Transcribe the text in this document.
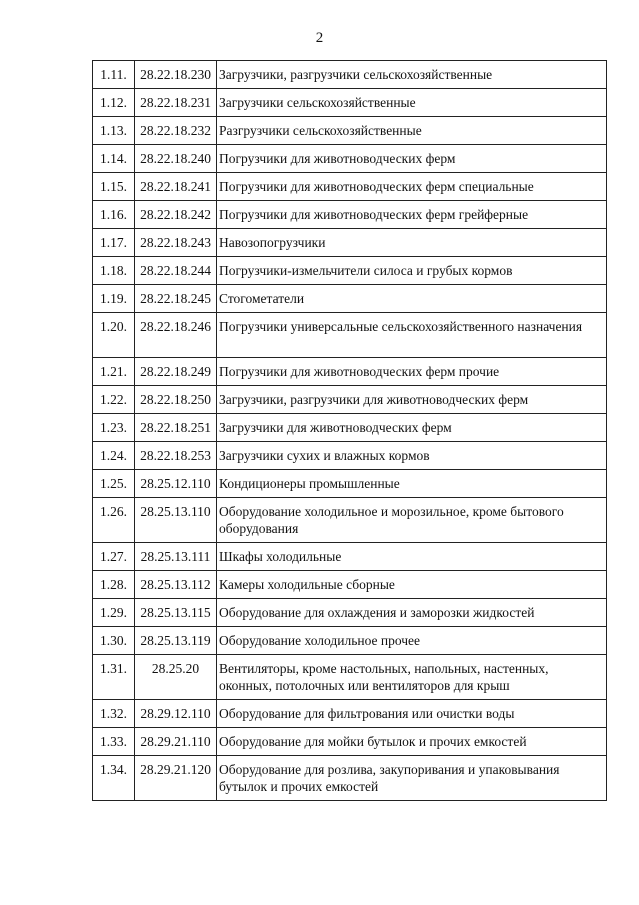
2
1.11.	28.22.18.230	Загрузчики, разгрузчики сельскохозяйственные
1.12.	28.22.18.231	Загрузчики сельскохозяйственные
1.13.	28.22.18.232	Разгрузчики сельскохозяйственные
1.14.	28.22.18.240	Погрузчики для животноводческих ферм
1.15.	28.22.18.241	Погрузчики для животноводческих ферм специальные
1.16.	28.22.18.242	Погрузчики для животноводческих ферм грейферные
1.17.	28.22.18.243	Навозопогрузчики
1.18.	28.22.18.244	Погрузчики-измельчители силоса и грубых кормов
1.19.	28.22.18.245	Стогометатели
1.20.	28.22.18.246	Погрузчики универсальные сельскохозяйственного назначения
1.21.	28.22.18.249	Погрузчики для животноводческих ферм прочие
1.22.	28.22.18.250	Загрузчики, разгрузчики для животноводческих ферм
1.23.	28.22.18.251	Загрузчики для животноводческих ферм
1.24.	28.22.18.253	Загрузчики сухих и влажных кормов
1.25.	28.25.12.110	Кондиционеры промышленные
1.26.	28.25.13.110	Оборудование холодильное и морозильное, кроме бытового оборудования
1.27.	28.25.13.111	Шкафы холодильные
1.28.	28.25.13.112	Камеры холодильные сборные
1.29.	28.25.13.115	Оборудование для охлаждения и заморозки жидкостей
1.30.	28.25.13.119	Оборудование холодильное прочее
1.31.	28.25.20	Вентиляторы, кроме настольных, напольных, настенных, оконных, потолочных или вентиляторов для крыш
1.32.	28.29.12.110	Оборудование для фильтрования или очистки воды
1.33.	28.29.21.110	Оборудование для мойки бутылок и прочих емкостей
1.34.	28.29.21.120	Оборудование для розлива, закупоривания и упаковывания бутылок и прочих емкостей
